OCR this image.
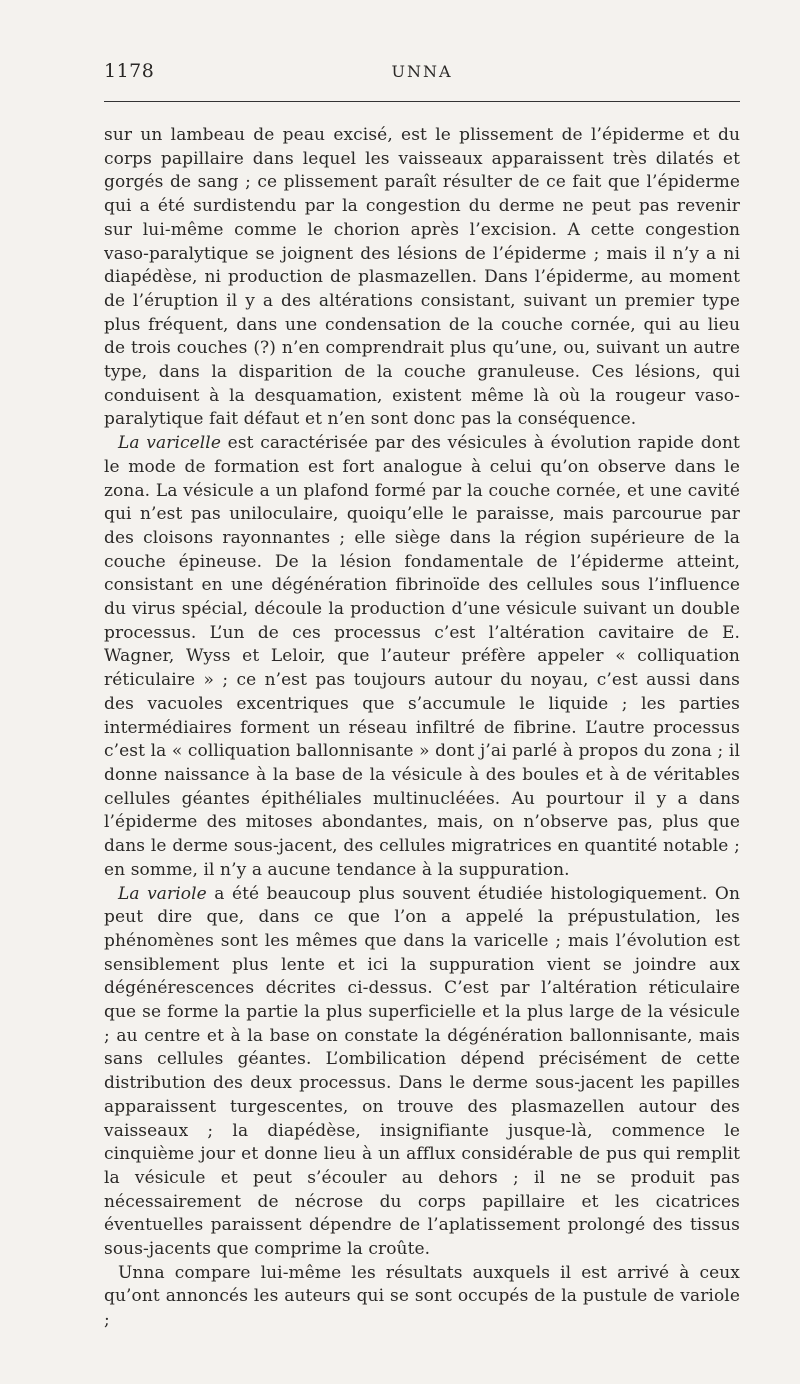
1178	UNNA

sur un lambeau de peau excisé, est le plissement de l’épiderme et du corps papillaire dans lequel les vaisseaux apparaissent très dilatés et gorgés de sang ; ce plissement paraît résulter de ce fait que l’épiderme qui a été surdistendu par la congestion du derme ne peut pas revenir sur lui-même comme le chorion après l’excision. A cette congestion vaso-paralytique se joignent des lésions de l’épiderme ; mais il n’y a ni diapédèse, ni production de plasmazellen. Dans l’épiderme, au moment de l’éruption il y a des altérations consistant, suivant un premier type plus fréquent, dans une condensation de la couche cornée, qui au lieu de trois couches (?) n’en comprendrait plus qu’une, ou, suivant un autre type, dans la disparition de la couche granuleuse. Ces lésions, qui conduisent à la desquamation, existent même là où la rougeur vaso-paralytique fait défaut et n’en sont donc pas la conséquence.

La varicelle est caractérisée par des vésicules à évolution rapide dont le mode de formation est fort analogue à celui qu’on observe dans le zona. La vésicule a un plafond formé par la couche cornée, et une cavité qui n’est pas uniloculaire, quoiqu’elle le paraisse, mais parcourue par des cloisons rayonnantes ; elle siège dans la région supérieure de la couche épineuse. De la lésion fondamentale de l’épiderme atteint, consistant en une dégénération fibrinoïde des cellules sous l’influence du virus spécial, découle la production d’une vésicule suivant un double processus. L’un de ces processus c’est l’altération cavitaire de E. Wagner, Wyss et Leloir, que l’auteur préfère appeler « colliquation réticulaire » ; ce n’est pas toujours autour du noyau, c’est aussi dans des vacuoles excentriques que s’accumule le liquide ; les parties intermédiaires forment un réseau infiltré de fibrine. L’autre processus c’est la « colliquation ballonnisante » dont j’ai parlé à propos du zona ; il donne naissance à la base de la vésicule à des boules et à de véritables cellules géantes épithéliales multinucléées. Au pourtour il y a dans l’épiderme des mitoses abondantes, mais, on n’observe pas, plus que dans le derme sous-jacent, des cellules migratrices en quantité notable ; en somme, il n’y a aucune tendance à la suppuration.

La variole a été beaucoup plus souvent étudiée histologiquement. On peut dire que, dans ce que l’on a appelé la prépustulation, les phénomènes sont les mêmes que dans la varicelle ; mais l’évolution est sensiblement plus lente et ici la suppuration vient se joindre aux dégénérescences décrites ci-dessus. C’est par l’altération réticulaire que se forme la partie la plus superficielle et la plus large de la vésicule ; au centre et à la base on constate la dégénération ballonnisante, mais sans cellules géantes. L’ombilication dépend précisément de cette distribution des deux processus. Dans le derme sous-jacent les papilles apparaissent turgescentes, on trouve des plasmazellen autour des vaisseaux ; la diapédèse, insignifiante jusque-là, commence le cinquième jour et donne lieu à un afflux considérable de pus qui remplit la vésicule et peut s’écouler au dehors ; il ne se produit pas nécessairement de nécrose du corps papillaire et les cicatrices éventuelles paraissent dépendre de l’aplatissement prolongé des tissus sous-jacents que comprime la croûte.

Unna compare lui-même les résultats auxquels il est arrivé à ceux qu’ont annoncés les auteurs qui se sont occupés de la pustule de variole ;
